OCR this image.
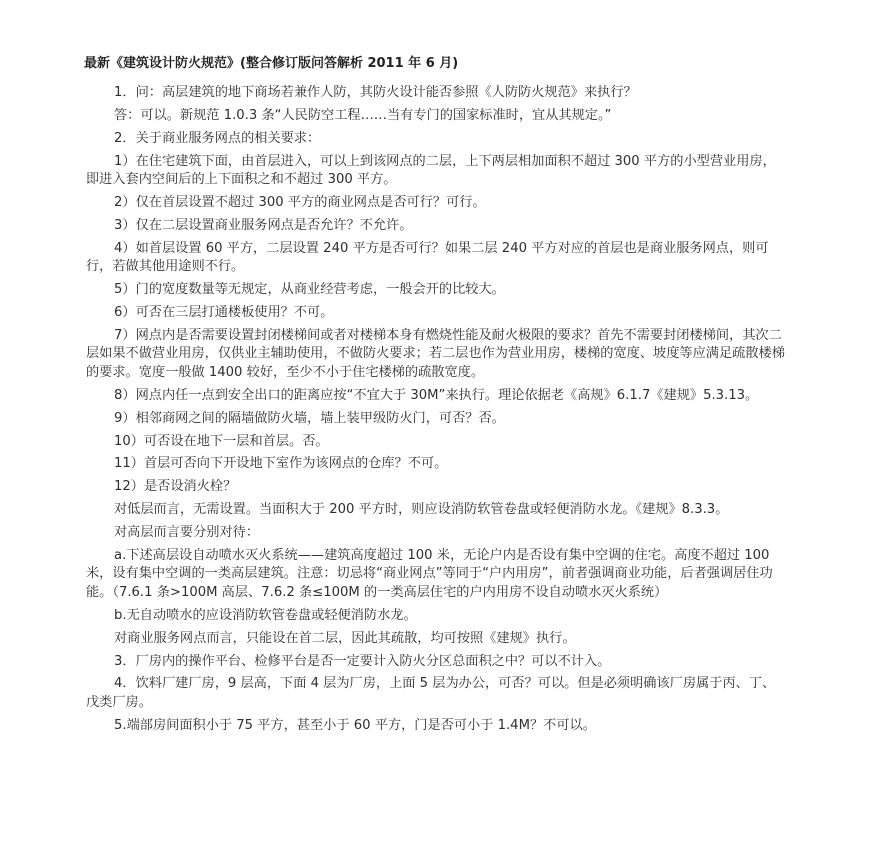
最新《建筑设计防火规范》(整合修订版问答解析 2011 年 6 月)

1．问：高层建筑的地下商场若兼作人防，其防火设计能否参照《人防防火规范》来执行？

答：可以。新规范 1.0.3 条“人民防空工程……当有专门的国家标准时，宜从其规定。”

2．关于商业服务网点的相关要求：

1）在住宅建筑下面，由首层进入，可以上到该网点的二层，上下两层相加面积不超过 300 平方的小型营业用房，即进入套内空间后的上下面积之和不超过 300 平方。

2）仅在首层设置不超过 300 平方的商业网点是否可行？可行。

3）仅在二层设置商业服务网点是否允许？不允许。

4）如首层设置 60 平方，二层设置 240 平方是否可行？如果二层 240 平方对应的首层也是商业服务网点，则可行，若做其他用途则不行。

5）门的宽度数量等无规定，从商业经营考虑，一般会开的比较大。

6）可否在三层打通楼板使用？不可。

7）网点内是否需要设置封闭楼梯间或者对楼梯本身有燃烧性能及耐火极限的要求？首先不需要封闭楼梯间，其次二层如果不做营业用房，仅供业主辅助使用，不做防火要求；若二层也作为营业用房，楼梯的宽度、坡度等应满足疏散楼梯的要求。宽度一般做 1400 较好，至少不小于住宅楼梯的疏散宽度。

8）网点内任一点到安全出口的距离应按“不宜大于 30M”来执行。理论依据老《高规》6.1.7《建规》5.3.13。

9）相邻商网之间的隔墙做防火墙，墙上装甲级防火门，可否？否。

10）可否设在地下一层和首层。否。

11）首层可否向下开设地下室作为该网点的仓库？不可。

12）是否设消火栓？

对低层而言，无需设置。当面积大于 200 平方时，则应设消防软管卷盘或轻便消防水龙。《建规》8.3.3。

对高层而言要分别对待：

a.下述高层设自动喷水灭火系统——建筑高度超过 100 米，无论户内是否设有集中空调的住宅。高度不超过 100 米，设有集中空调的一类高层建筑。注意：切忌将“商业网点”等同于“户内用房”，前者强调商业功能，后者强调居住功能。（7.6.1 条>100M 高层、7.6.2 条≤100M 的一类高层住宅的户内用房不设自动喷水灭火系统）

b.无自动喷水的应设消防软管卷盘或轻便消防水龙。

对商业服务网点而言，只能设在首二层，因此其疏散，均可按照《建规》执行。

3．厂房内的操作平台、检修平台是否一定要计入防火分区总面积之中？可以不计入。

4．饮料厂建厂房，9 层高，下面 4 层为厂房，上面 5 层为办公，可否？可以。但是必须明确该厂房属于丙、丁、戊类厂房。

5.端部房间面积小于 75 平方，甚至小于 60 平方，门是否可小于 1.4M？不可以。
